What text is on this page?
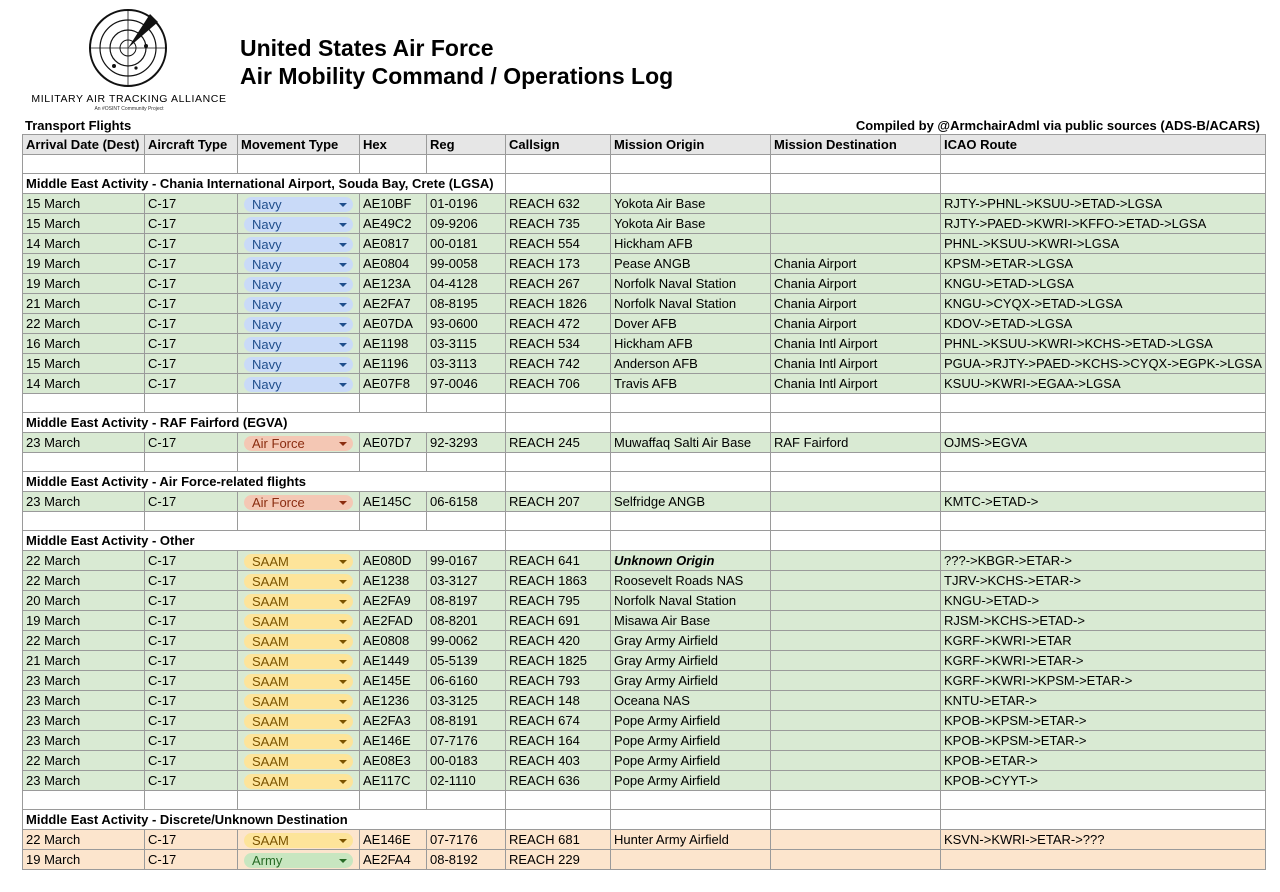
MILITARY AIR TRACKING ALLIANCE
An #OSINT Community Project
United States Air Force
Air Mobility Command / Operations Log
Transport Flights	Compiled by @ArmchairAdml via public sources (ADS-B/ACARS)
Arrival Date (Dest)	Aircraft Type	Movement Type	Hex	Reg	Callsign	Mission Origin	Mission Destination	ICAO Route

Middle East Activity - Chania International Airport, Souda Bay, Crete (LGSA)								
15 March	C-17	Navy	AE10BF	01-0196	REACH 632	Yokota Air Base		RJTY->PHNL->KSUU->ETAD->LGSA
15 March	C-17	Navy	AE49C2	09-9206	REACH 735	Yokota Air Base		RJTY->PAED->KWRI->KFFO->ETAD->LGSA
14 March	C-17	Navy	AE0817	00-0181	REACH 554	Hickham AFB		PHNL->KSUU->KWRI->LGSA
19 March	C-17	Navy	AE0804	99-0058	REACH 173	Pease ANGB	Chania Airport	KPSM->ETAR->LGSA
19 March	C-17	Navy	AE123A	04-4128	REACH 267	Norfolk Naval Station	Chania Airport	KNGU->ETAD->LGSA
21 March	C-17	Navy	AE2FA7	08-8195	REACH 1826	Norfolk Naval Station	Chania Airport	KNGU->CYQX->ETAD->LGSA
22 March	C-17	Navy	AE07DA	93-0600	REACH 472	Dover AFB	Chania Airport	KDOV->ETAD->LGSA
16 March	C-17	Navy	AE1198	03-3115	REACH 534	Hickham AFB	Chania Intl Airport	PHNL->KSUU->KWRI->KCHS->ETAD->LGSA
15 March	C-17	Navy	AE1196	03-3113	REACH 742	Anderson AFB	Chania Intl Airport	PGUA->RJTY->PAED->KCHS->CYQX->EGPK->LGSA
14 March	C-17	Navy	AE07F8	97-0046	REACH 706	Travis AFB	Chania Intl Airport	KSUU->KWRI->EGAA->LGSA

Middle East Activity - RAF Fairford (EGVA)								
23 March	C-17	Air Force	AE07D7	92-3293	REACH 245	Muwaffaq Salti Air Base	RAF Fairford	OJMS->EGVA

Middle East Activity - Air Force-related flights								
23 March	C-17	Air Force	AE145C	06-6158	REACH 207	Selfridge ANGB		KMTC->ETAD->

Middle East Activity - Other								
22 March	C-17	SAAM	AE080D	99-0167	REACH 641	Unknown Origin		???->KBGR->ETAR->
22 March	C-17	SAAM	AE1238	03-3127	REACH 1863	Roosevelt Roads NAS		TJRV->KCHS->ETAR->
20 March	C-17	SAAM	AE2FA9	08-8197	REACH 795	Norfolk Naval Station		KNGU->ETAD->
19 March	C-17	SAAM	AE2FAD	08-8201	REACH 691	Misawa Air Base		RJSM->KCHS->ETAD->
22 March	C-17	SAAM	AE0808	99-0062	REACH 420	Gray Army Airfield		KGRF->KWRI->ETAR
21 March	C-17	SAAM	AE1449	05-5139	REACH 1825	Gray Army Airfield		KGRF->KWRI->ETAR->
23 March	C-17	SAAM	AE145E	06-6160	REACH 793	Gray Army Airfield		KGRF->KWRI->KPSM->ETAR->
23 March	C-17	SAAM	AE1236	03-3125	REACH 148	Oceana NAS		KNTU->ETAR->
23 March	C-17	SAAM	AE2FA3	08-8191	REACH 674	Pope Army Airfield		KPOB->KPSM->ETAR->
23 March	C-17	SAAM	AE146E	07-7176	REACH 164	Pope Army Airfield		KPOB->KPSM->ETAR->
22 March	C-17	SAAM	AE08E3	00-0183	REACH 403	Pope Army Airfield		KPOB->ETAR->
23 March	C-17	SAAM	AE117C	02-1110	REACH 636	Pope Army Airfield		KPOB->CYYT->

Middle East Activity - Discrete/Unknown Destination								
22 March	C-17	SAAM	AE146E	07-7176	REACH 681	Hunter Army Airfield		KSVN->KWRI->ETAR->???
19 March	C-17	Army	AE2FA4	08-8192	REACH 229			
